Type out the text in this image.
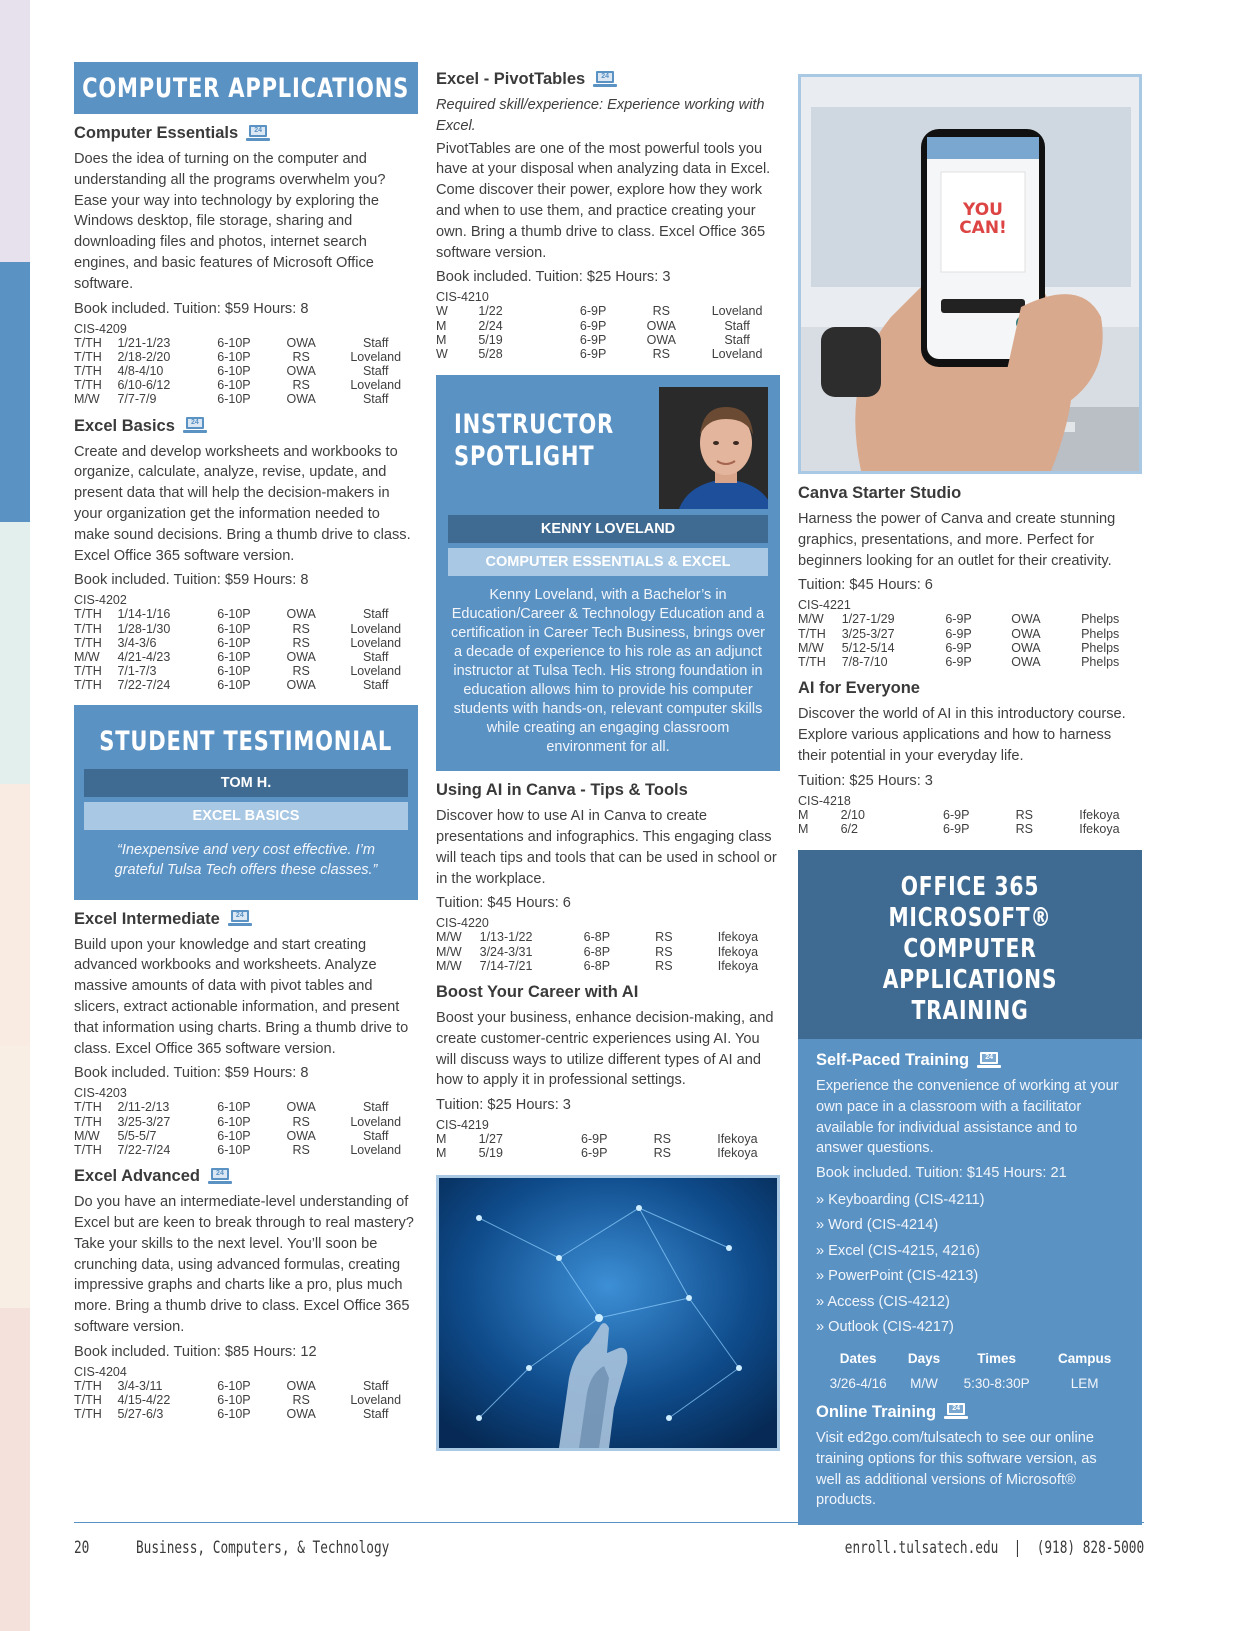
COMPUTER APPLICATIONS
Computer Essentials	24

Does the idea of turning on the computer and understanding all the programs overwhelm you? Ease your way into technology by exploring the Windows desktop, file storage, sharing and downloading files and photos, internet search engines, and basic features of Microsoft Office software.

Book included. Tuition: $59 Hours: 8

CIS-4209

T/TH	1/21-1/23	6-10P	OWA	Staff
T/TH	2/18-2/20	6-10P	RS	Loveland
T/TH	4/8-4/10	6-10P	OWA	Staff
T/TH	6/10-6/12	6-10P	RS	Loveland
M/W	7/7-7/9	6-10P	OWA	Staff
Excel Basics	24

Create and develop worksheets and workbooks to organize, calculate, analyze, revise, update, and present data that will help the decision-makers in your organization get the information needed to make sound decisions. Bring a thumb drive to class. Excel Office 365 software version.

Book included. Tuition: $59 Hours: 8

CIS-4202

T/TH	1/14-1/16	6-10P	OWA	Staff
T/TH	1/28-1/30	6-10P	RS	Loveland
T/TH	3/4-3/6	6-10P	RS	Loveland
M/W	4/21-4/23	6-10P	OWA	Staff
T/TH	7/1-7/3	6-10P	RS	Loveland
T/TH	7/22-7/24	6-10P	OWA	Staff
STUDENT TESTIMONIAL
TOM H.
EXCEL BASICS

“Inexpensive and very cost effective. I’m grateful Tulsa Tech offers these classes.”

Excel Intermediate	24

Build upon your knowledge and start creating advanced workbooks and worksheets. Analyze massive amounts of data with pivot tables and slicers, extract actionable information, and present that information using charts. Bring a thumb drive to class. Excel Office 365 software version.

Book included. Tuition: $59 Hours: 8

CIS-4203

T/TH	2/11-2/13	6-10P	OWA	Staff
T/TH	3/25-3/27	6-10P	RS	Loveland
M/W	5/5-5/7	6-10P	OWA	Staff
T/TH	7/22-7/24	6-10P	RS	Loveland
Excel Advanced	24

Do you have an intermediate-level understanding of Excel but are keen to break through to real mastery? Take your skills to the next level. You’ll soon be crunching data, using advanced formulas, creating impressive graphs and charts like a pro, plus much more. Bring a thumb drive to class. Excel Office 365 software version.

Book included. Tuition: $85 Hours: 12

CIS-4204

T/TH	3/4-3/11	6-10P	OWA	Staff
T/TH	4/15-4/22	6-10P	RS	Loveland
T/TH	5/27-6/3	6-10P	OWA	Staff
Excel - PivotTables	24

Required skill/experience: Experience working with Excel.

PivotTables are one of the most powerful tools you have at your disposal when analyzing data in Excel. Come discover their power, explore how they work and when to use them, and practice creating your own. Bring a thumb drive to class. Excel Office 365 software version.

Book included. Tuition: $25 Hours: 3

CIS-4210

W	1/22	6-9P	RS	Loveland
M	2/24	6-9P	OWA	Staff
M	5/19	6-9P	OWA	Staff
W	5/28	6-9P	RS	Loveland
INSTRUCTOR
SPOTLIGHT
KENNY LOVELAND
COMPUTER ESSENTIALS & EXCEL

Kenny Loveland, with a Bachelor’s in Education/Career & Technology Education and a certification in Career Tech Business, brings over a decade of experience to his role as an adjunct instructor at Tulsa Tech. His strong foundation in education allows him to provide his computer students with hands-on, relevant computer skills while creating an engaging classroom environment for all.

Using AI in Canva - Tips & Tools

Discover how to use AI in Canva to create presentations and infographics. This engaging class will teach tips and tools that can be used in school or in the workplace.

Tuition: $45 Hours: 6

CIS-4220

M/W	1/13-1/22	6-8P	RS	Ifekoya
M/W	3/24-3/31	6-8P	RS	Ifekoya
M/W	7/14-7/21	6-8P	RS	Ifekoya
Boost Your Career with AI

Boost your business, enhance decision-making, and create customer-centric experiences using AI. You will discuss ways to utilize different types of AI and how to apply it in professional settings.

Tuition: $25 Hours: 3

CIS-4219

M	1/27	6-9P	RS	Ifekoya
M	5/19	6-9P	RS	Ifekoya
YOU
CAN!
Canva Starter Studio

Harness the power of Canva and create stunning graphics, presentations, and more. Perfect for beginners looking for an outlet for their creativity.

Tuition: $45 Hours: 6

CIS-4221

M/W	1/27-1/29	6-9P	OWA	Phelps
T/TH	3/25-3/27	6-9P	OWA	Phelps
M/W	5/12-5/14	6-9P	OWA	Phelps
T/TH	7/8-7/10	6-9P	OWA	Phelps
AI for Everyone

Discover the world of AI in this introductory course. Explore various applications and how to harness their potential in your everyday life.

Tuition: $25 Hours: 3

CIS-4218

M	2/10	6-9P	RS	Ifekoya
M	6/2	6-9P	RS	Ifekoya
OFFICE 365 MICROSOFT®
COMPUTER APPLICATIONS
TRAINING
Self-Paced Training	24

Experience the convenience of working at your own pace in a classroom with a facilitator available for individual assistance and to answer questions.

Book included. Tuition: $145 Hours: 21

» Keyboarding (CIS-4211)
» Word (CIS-4214)
» Excel (CIS-4215, 4216)
» PowerPoint (CIS-4213)
» Access (CIS-4212)
» Outlook (CIS-4217)
Dates	Days	Times	Campus
3/26-4/16	M/W	5:30-8:30P	LEM
Online Training	24

Visit ed2go.com/tulsatech to see our online training options for this software version, as well as additional versions of Microsoft® products.

20	Business, Computers, & Technology	enroll.tulsatech.edu  |  (918) 828-5000
